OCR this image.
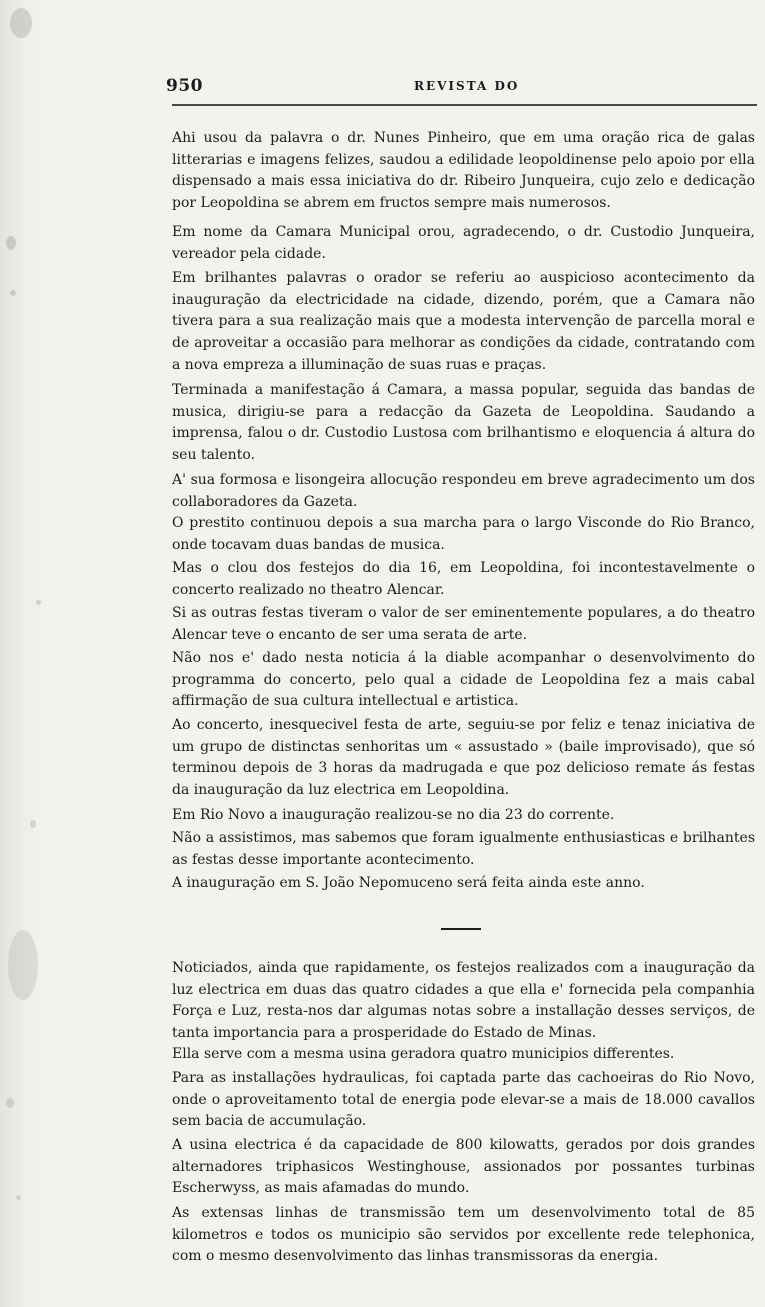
950	REVISTA DO

Ahi usou da palavra o dr. Nunes Pinheiro, que em uma oração rica de galas litterarias e imagens felizes, saudou a edilidade leopoldinense pelo apoio por ella dispensado a mais essa iniciativa do dr. Ribeiro Junqueira, cujo zelo e dedicação por Leopoldina se abrem em fructos sempre mais numerosos.

Em nome da Camara Municipal orou, agradecendo, o dr. Custodio Junqueira, vereador pela cidade.

Em brilhantes palavras o orador se referiu ao auspicioso acontecimento da inauguração da electricidade na cidade, dizendo, porém, que a Camara não tivera para a sua realização mais que a modesta intervenção de parcella moral e de aproveitar a occasião para melhorar as condições da cidade, contratando com a nova empreza a illuminação de suas ruas e praças.

Terminada a manifestação á Camara, a massa popular, seguida das bandas de musica, dirigiu-se para a redacção da Gazeta de Leopoldina. Saudando a imprensa, falou o dr. Custodio Lustosa com brilhantismo e eloquencia á altura do seu talento.

A' sua formosa e lisongeira allocução respondeu em breve agradecimento um dos collaboradores da Gazeta.

O prestito continuou depois a sua marcha para o largo Visconde do Rio Branco, onde tocavam duas bandas de musica.

Mas o clou dos festejos do dia 16, em Leopoldina, foi incontestavelmente o concerto realizado no theatro Alencar.

Si as outras festas tiveram o valor de ser eminentemente populares, a do theatro Alencar teve o encanto de ser uma serata de arte.

Não nos e' dado nesta noticia á la diable acompanhar o desenvolvimento do programma do concerto, pelo qual a cidade de Leopoldina fez a mais cabal affirmação de sua cultura intellectual e artistica.

Ao concerto, inesquecivel festa de arte, seguiu-se por feliz e tenaz iniciativa de um grupo de distinctas senhoritas um « assustado » (baile improvisado), que só terminou depois de 3 horas da madrugada e que poz delicioso remate ás festas da inauguração da luz electrica em Leopoldina.

Em Rio Novo a inauguração realizou-se no dia 23 do corrente.

Não a assistimos, mas sabemos que foram igualmente enthusiasticas e brilhantes as festas desse importante acontecimento.

A inauguração em S. João Nepomuceno será feita ainda este anno.

Noticiados, ainda que rapidamente, os festejos realizados com a inauguração da luz electrica em duas das quatro cidades a que ella e' fornecida pela companhia Força e Luz, resta-nos dar algumas notas sobre a installação desses serviços, de tanta importancia para a prosperidade do Estado de Minas.

Ella serve com a mesma usina geradora quatro municipios differentes.

Para as installações hydraulicas, foi captada parte das cachoeiras do Rio Novo, onde o aproveitamento total de energia pode elevar-se a mais de 18.000 cavallos sem bacia de accumulação.

A usina electrica é da capacidade de 800 kilowatts, gerados por dois grandes alternadores triphasicos Westinghouse, assionados por possantes turbinas Escherwyss, as mais afamadas do mundo.

As extensas linhas de transmissão tem um desenvolvimento total de 85 kilometros e todos os municipio são servidos por excellente rede telephonica, com o mesmo desenvolvimento das linhas transmissoras da energia.
